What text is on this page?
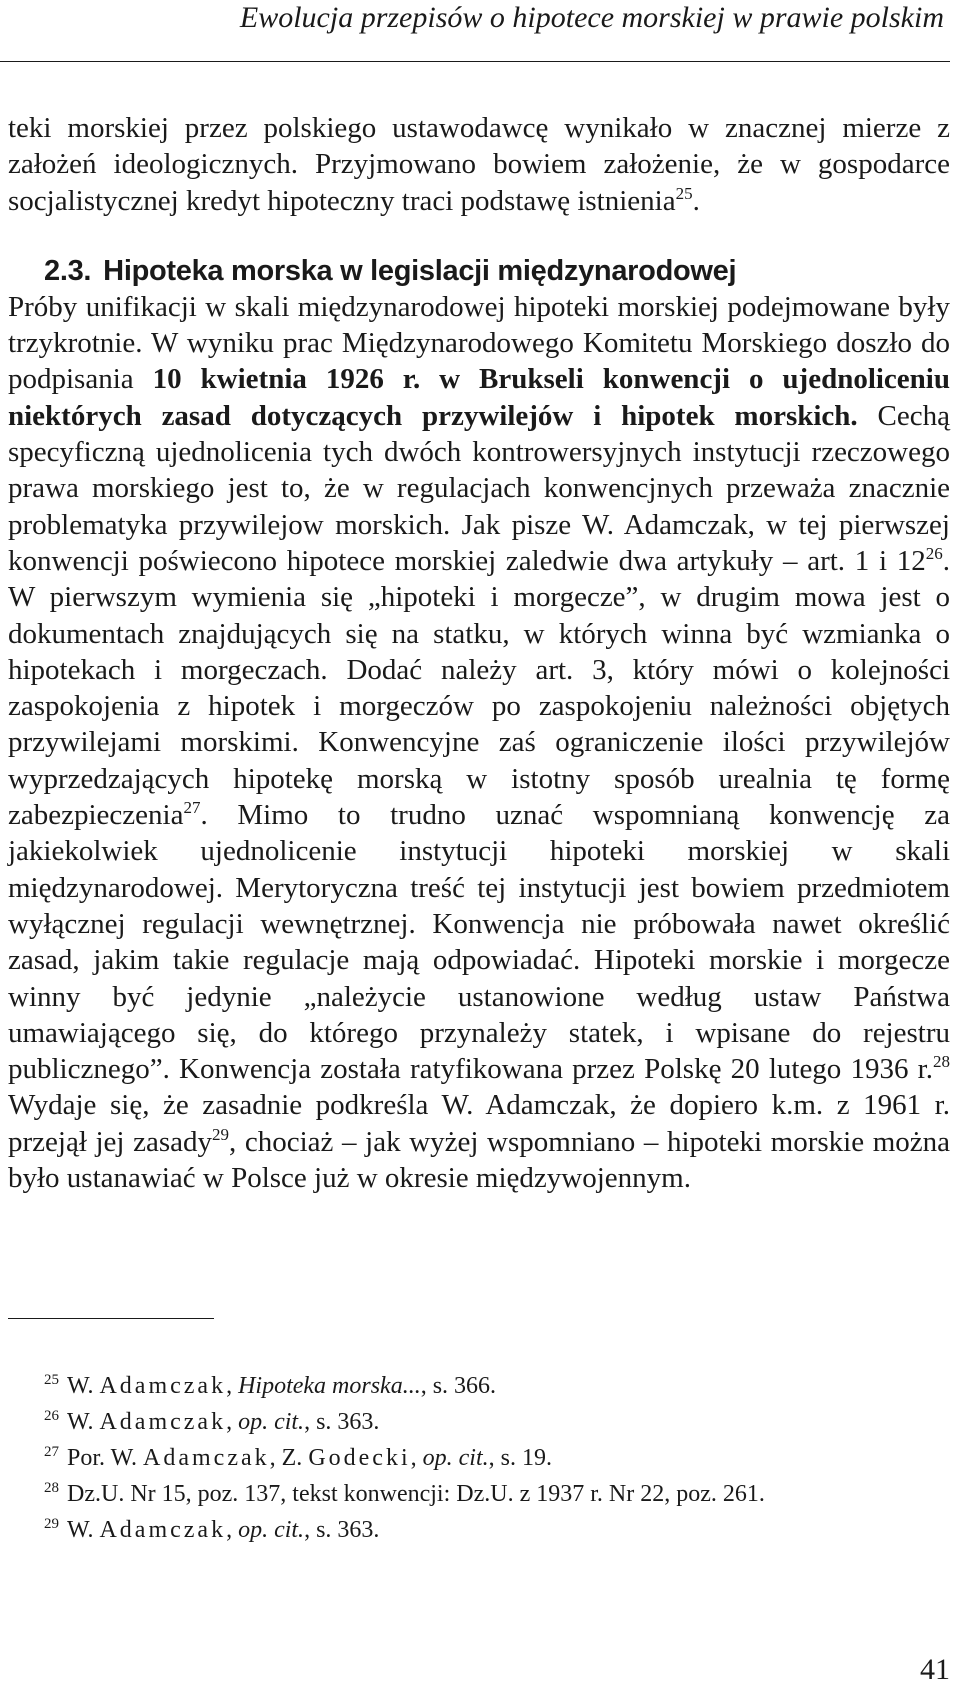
Ewolucja przepisów o hipotece morskiej w prawie polskim

teki morskiej przez polskiego ustawodawcę wynikało w znacznej mierze z założeń ideologicznych. Przyjmowano bowiem założenie, że w gospodarce socjalistycznej kredyt hipoteczny traci podstawę istnienia$^{25}$.

2.3. Hipoteka morska w legislacji międzynarodowej

Próby unifikacji w skali międzynarodowej hipoteki morskiej podejmowane były trzykrotnie. W wyniku prac Międzynarodowego Komitetu Morskiego doszło do podpisania 10 kwietnia 1926 r. w Brukseli konwencji o ujednoliceniu niektórych zasad dotyczących przywilejów i hipotek morskich. Cechą specyficzną ujednolicenia tych dwóch kontrowersyjnych instytucji rzeczowego prawa morskiego jest to, że w regulacjach konwencjnych przeważa znacznie problematyka przywilejow morskich. Jak pisze W. Adamczak, w tej pierwszej konwencji poświecono hipotece morskiej zaledwie dwa artykuły – art. 1 i $12^{26}$. W pierwszym wymienia się „hipoteki i morgecze”, w drugim mowa jest o dokumentach znajdujących się na statku, w których winna być wzmianka o hipotekach i morgeczach. Dodać należy art. 3, który mówi o kolejności zaspokojenia z hipotek i morgeczów po zaspokojeniu należności objętych przywilejami morskimi. Konwencyjne zaś ograniczenie ilości przywilejów wyprzedzających hipotekę morską w istotny sposób urealnia tę formę zabezpieczenia$^{27}$. Mimo to trudno uznać wspomnianą konwencję za jakiekolwiek ujednolicenie instytucji hipoteki morskiej w skali międzynarodowej. Merytoryczna treść tej instytucji jest bowiem przedmiotem wyłącznej regulacji wewnętrznej. Konwencja nie próbowała nawet określić zasad, jakim takie regulacje mają odpowiadać. Hipoteki morskie i morgecze winny być jedynie „należycie ustanowione według ustaw Państwa umawiającego się, do którego przynależy statek, i wpisane do rejestru publicznego”. Konwencja została ratyfikowana przez Polskę 20 lutego 1936 r.$^{28}$ Wydaje się, że zasadnie podkreśla W. Adamczak, że dopiero k.m. z 1961 r. przejął jej zasady$^{29}$, chociaż – jak wyżej wspomniano – hipoteki morskie można było ustanawiać w Polsce już w okresie międzywojennym.

$^{25}$ W. Adamczak, Hipoteka morska..., s. 366.
$^{26}$ W. Adamczak, op. cit., s. 363.
$^{27}$ Por. W. Adamczak, Z. Godecki, op. cit., s. 19.
$^{28}$ Dz.U. Nr 15, poz. 137, tekst konwencji: Dz.U. z 1937 r. Nr 22, poz. 261.
$^{29}$ W. Adamczak, op. cit., s. 363.
41
